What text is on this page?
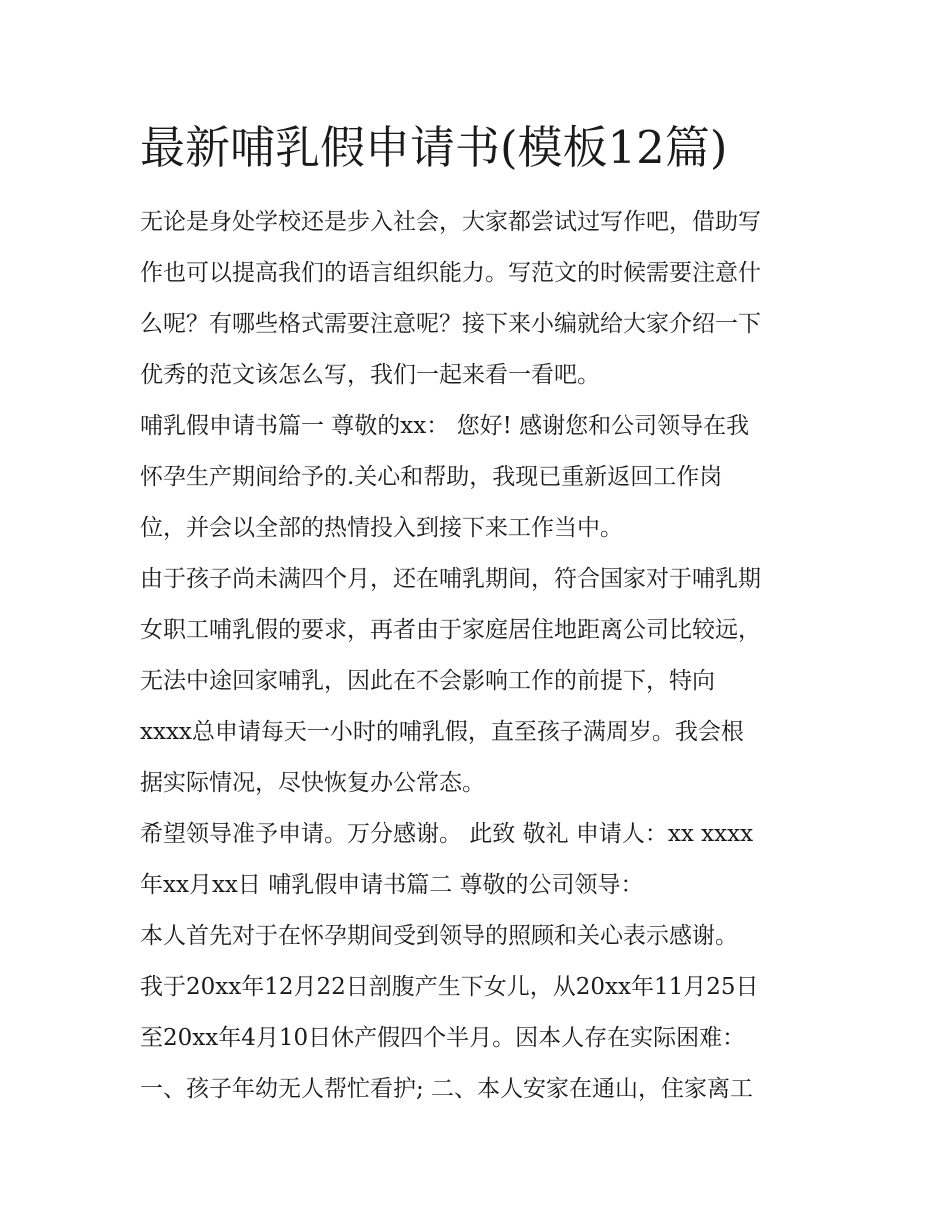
最新哺乳假申请书(模板12篇)
无论是身处学校还是步入社会，大家都尝试过写作吧，借助写
作也可以提高我们的语言组织能力。写范文的时候需要注意什
么呢？有哪些格式需要注意呢？接下来小编就给大家介绍一下
优秀的范文该怎么写，我们一起来看一看吧。
哺乳假申请书篇一 尊敬的xx： 您好! 感谢您和公司领导在我
怀孕生产期间给予的.关心和帮助，我现已重新返回工作岗
位，并会以全部的热情投入到接下来工作当中。
由于孩子尚未满四个月，还在哺乳期间，符合国家对于哺乳期
女职工哺乳假的要求，再者由于家庭居住地距离公司比较远，
无法中途回家哺乳，因此在不会影响工作的前提下，特向
xxxx总申请每天一小时的哺乳假，直至孩子满周岁。我会根
据实际情况，尽快恢复办公常态。
希望领导准予申请。万分感谢。 此致 敬礼 申请人：xx xxxx
年xx月xx日 哺乳假申请书篇二 尊敬的公司领导：
本人首先对于在怀孕期间受到领导的照顾和关心表示感谢。
我于20xx年12月22日剖腹产生下女儿，从20xx年11月25日
至20xx年4月10日休产假四个半月。因本人存在实际困难：
一、孩子年幼无人帮忙看护; 二、本人安家在通山，住家离工
